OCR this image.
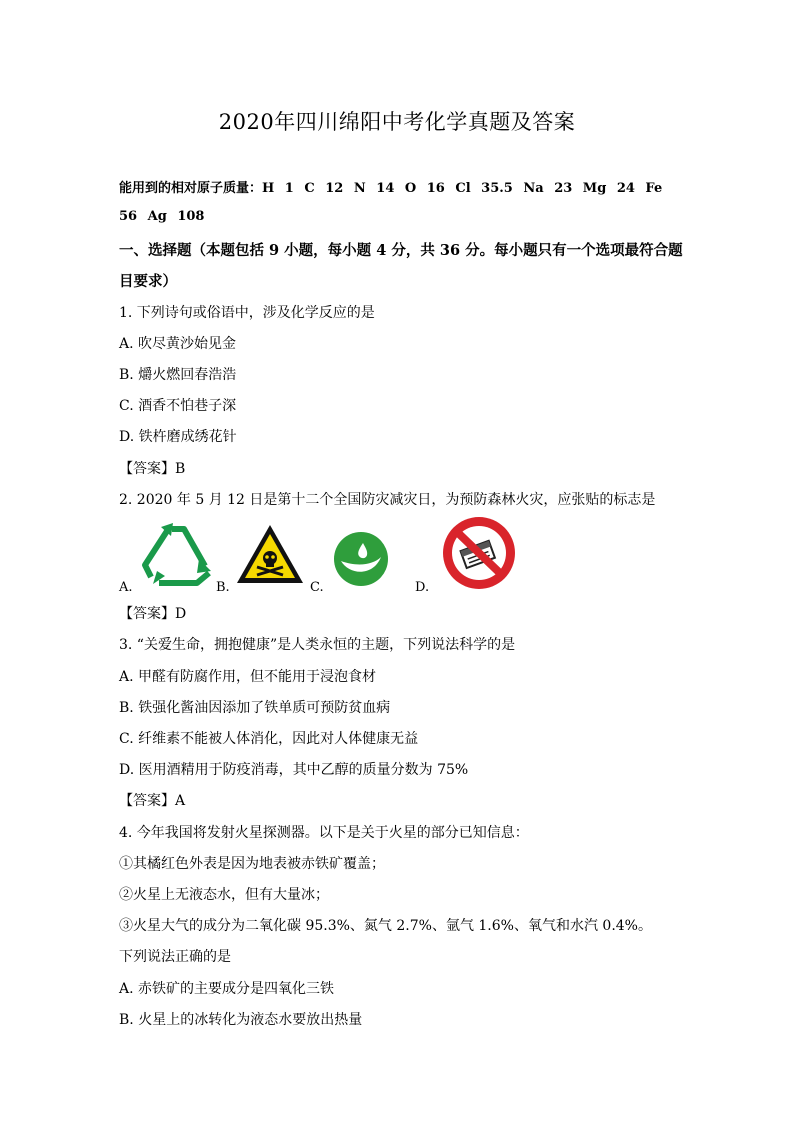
2020年四川绵阳中考化学真题及答案
能用到的相对原子质量：H 1 C 12 N 14 O 16 Cl 35.5 Na 23 Mg 24 Fe
56 Ag 108
一、选择题（本题包括 9 小题，每小题 4 分，共 36 分。每小题只有一个选项最符合题
目要求）
1. 下列诗句或俗语中，涉及化学反应的是
A. 吹尽黄沙始见金
B. 爝火燃回春浩浩
C. 酒香不怕巷子深
D. 铁杵磨成绣花针
【答案】B
2. 2020 年 5 月 12 日是第十二个全国防灾减灾日，为预防森林火灾，应张贴的标志是
A.	B.	C.	D.
【答案】D
3. “关爱生命，拥抱健康”是人类永恒的主题，下列说法科学的是
A. 甲醛有防腐作用，但不能用于浸泡食材
B. 铁强化酱油因添加了铁单质可预防贫血病
C. 纤维素不能被人体消化，因此对人体健康无益
D. 医用酒精用于防疫消毒，其中乙醇的质量分数为 75%
【答案】A
4. 今年我国将发射火星探测器。以下是关于火星的部分已知信息：
①其橘红色外表是因为地表被赤铁矿覆盖；
②火星上无液态水，但有大量冰；
③火星大气的成分为二氧化碳 95.3%、氮气 2.7%、氩气 1.6%、氧气和水汽 0.4%。
下列说法正确的是
A. 赤铁矿的主要成分是四氧化三铁
B. 火星上的冰转化为液态水要放出热量
